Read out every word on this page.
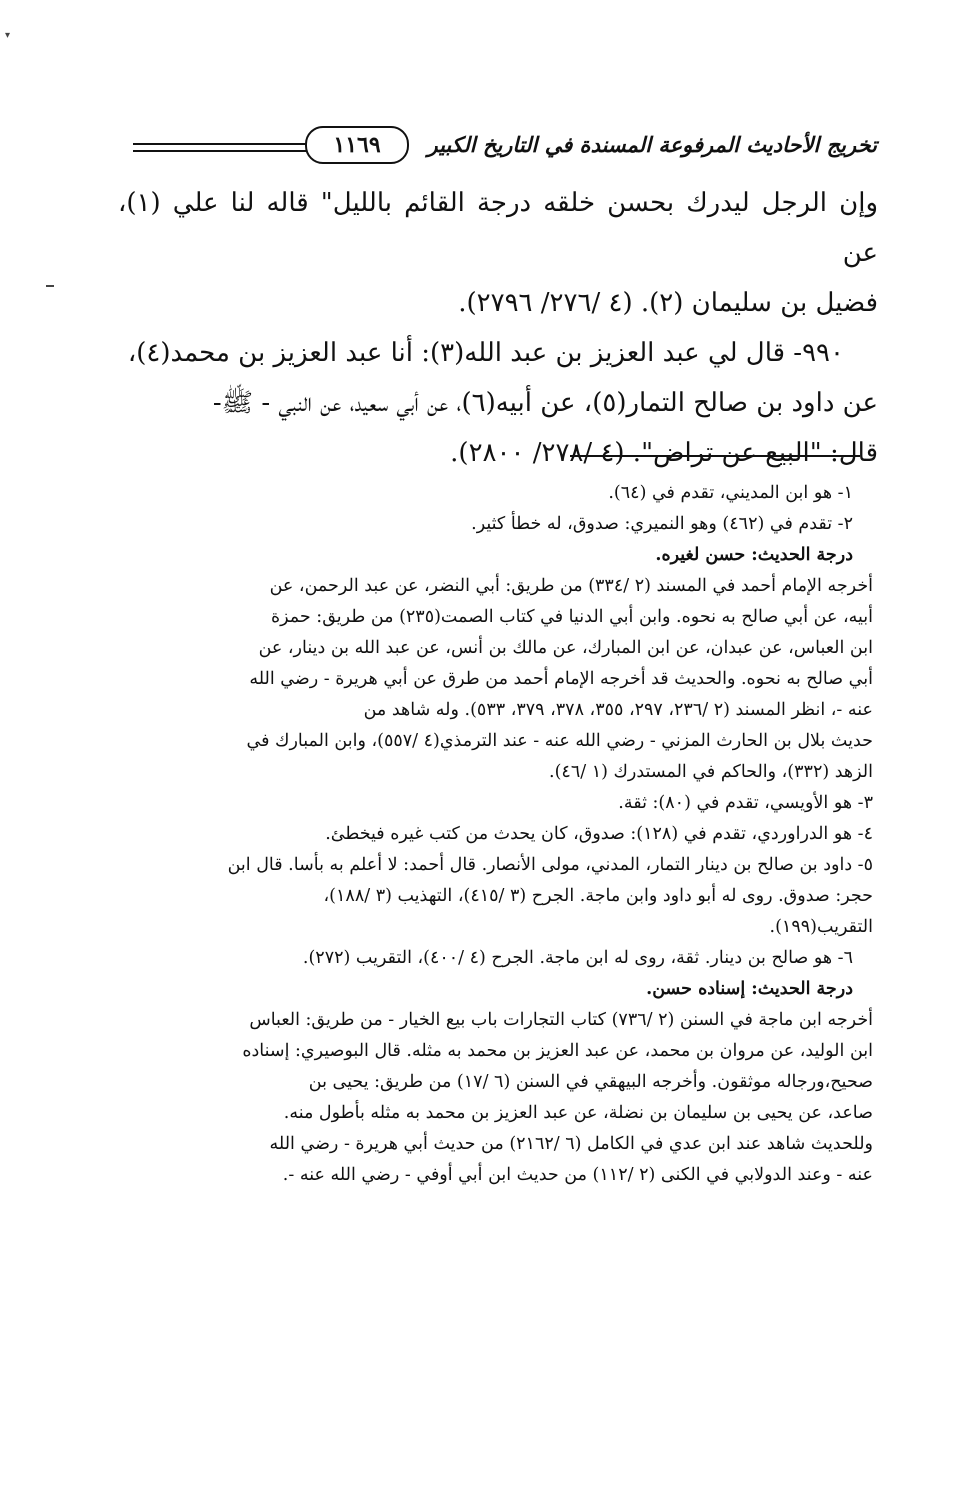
▾
تخريج الأحاديث المرفوعة المسندة في التاريخ الكبير
١١٦٩

وإن الرجل ليدرك بحسن خلقه درجة القائم بالليل" قاله لنا علي (١)، عن

فضيل بن سليمان (٢). (٤ /٢٧٦/ ٢٧٩٦).

٩٩٠- قال لي عبد العزيز بن عبد الله(٣): أنا عبد العزيز بن محمد(٤)،

عن داود بن صالح التمار(٥)، عن أبيه(٦)، عن أبي سعيد، عن النبي - ﷺ-

قال: "البيع عن تراض". (٤ /٢٧٨/ ٢٨٠٠).

١- هو ابن المديني، تقدم في (٦٤).

٢- تقدم في (٤٦٢) وهو النميري: صدوق، له خطأ كثير.

درجة الحديث: حسن لغيره.

أخرجه الإمام أحمد في المسند (٢ /٣٣٤) من طريق: أبي النضر، عن عبد الرحمن، عن

أبيه، عن أبي صالح به نحوه. وابن أبي الدنيا في كتاب الصمت(٢٣٥) من طريق: حمزة

ابن العباس، عن عبدان، عن ابن المبارك، عن مالك بن أنس، عن عبد الله بن دينار، عن

أبي صالح به نحوه. والحديث قد أخرجه الإمام أحمد من طرق عن أبي هريرة - رضي الله

عنه -، انظر المسند (٢ /٢٣٦، ٢٩٧، ٣٥٥، ٣٧٨، ٣٧٩، ٥٣٣). وله شاهد من

حديث بلال بن الحارث المزني - رضي الله عنه - عند الترمذي(٤ /٥٥٧)، وابن المبارك في

الزهد (٣٣٢)، والحاكم في المستدرك (١ /٤٦).

٣- هو الأويسي، تقدم في (٨٠): ثقة.

٤- هو الدراوردي، تقدم في (١٢٨): صدوق، كان يحدث من كتب غيره فيخطئ.

٥- داود بن صالح بن دينار التمار، المدني، مولى الأنصار. قال أحمد: لا أعلم به بأسا. قال ابن

حجر: صدوق. روى له أبو داود وابن ماجة. الجرح (٣ /٤١٥)، التهذيب (٣ /١٨٨)،

التقريب(١٩٩).

٦- هو صالح بن دينار. ثقة، روى له ابن ماجة. الجرح (٤ /٤٠٠)، التقريب (٢٧٢).

درجة الحديث: إسناده حسن.

أخرجه ابن ماجة في السنن (٢ /٧٣٦) كتاب التجارات باب بيع الخيار - من طريق: العباس

ابن الوليد، عن مروان بن محمد، عن عبد العزيز بن محمد به مثله. قال البوصيري: إسناده

صحيح،ورجاله موثقون. وأخرجه البيهقي في السنن (٦ /١٧) من طريق: يحيى بن

صاعد، عن يحيى بن سليمان بن نضلة، عن عبد العزيز بن محمد به مثله بأطول منه.

وللحديث شاهد عند ابن عدي في الكامل (٦ /٢١٦٢) من حديث أبي هريرة - رضي الله

عنه - وعند الدولابي في الكنى (٢ /١١٢) من حديث ابن أبي أوفي - رضي الله عنه -.
